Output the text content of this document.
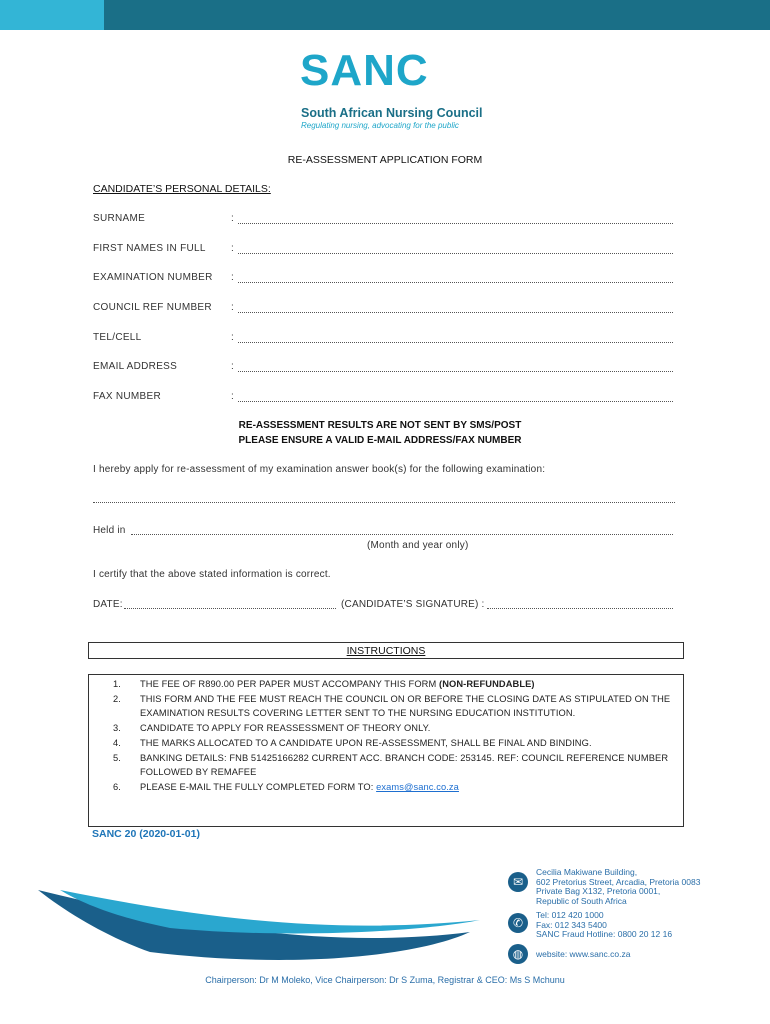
SANC
South African Nursing Council
Regulating nursing, advocating for the public
RE-ASSESSMENT APPLICATION FORM
CANDIDATE’S PERSONAL DETAILS:
SURNAME	:
FIRST NAMES IN FULL	:
EXAMINATION NUMBER :
COUNCIL REF NUMBER :
TEL/CELL	:
EMAIL ADDRESS	:
FAX NUMBER	:
RE-ASSESSMENT RESULTS ARE NOT SENT BY SMS/POST
PLEASE ENSURE A VALID E-MAIL ADDRESS/FAX NUMBER
I hereby apply for re-assessment of my examination answer book(s) for the following examination:
Held in
(Month and year only)
I certify that the above stated information is correct.
DATE:	(CANDIDATE’S SIGNATURE) :
INSTRUCTIONS
1. THE FEE OF R890.00 PER PAPER MUST ACCOMPANY THIS FORM (NON-REFUNDABLE)
2. THIS FORM AND THE FEE MUST REACH THE COUNCIL ON OR BEFORE THE CLOSING DATE AS STIPULATED ON THE EXAMINATION RESULTS COVERING LETTER SENT TO THE NURSING EDUCATION INSTITUTION.
3. CANDIDATE TO APPLY FOR REASSESSMENT OF THEORY ONLY.
4. THE MARKS ALLOCATED TO A CANDIDATE UPON RE-ASSESSMENT, SHALL BE FINAL AND BINDING.
5. BANKING DETAILS: FNB 51425166282 CURRENT ACC. BRANCH CODE: 253145. REF: COUNCIL REFERENCE NUMBER FOLLOWED BY REMAFEE
6. PLEASE E-MAIL THE FULLY COMPLETED FORM TO: exams@sanc.co.za
SANC 20 (2020-01-01)
✉
Cecilia Makiwane Building,
602 Pretorius Street, Arcadia, Pretoria 0083
Private Bag X132, Pretoria 0001,
Republic of South Africa
✆
Tel: 012 420 1000
Fax: 012 343 5400
SANC Fraud Hotline: 0800 20 12 16
◍	website: www.sanc.co.za
Chairperson: Dr M Moleko, Vice Chairperson: Dr S Zuma, Registrar & CEO: Ms S Mchunu
